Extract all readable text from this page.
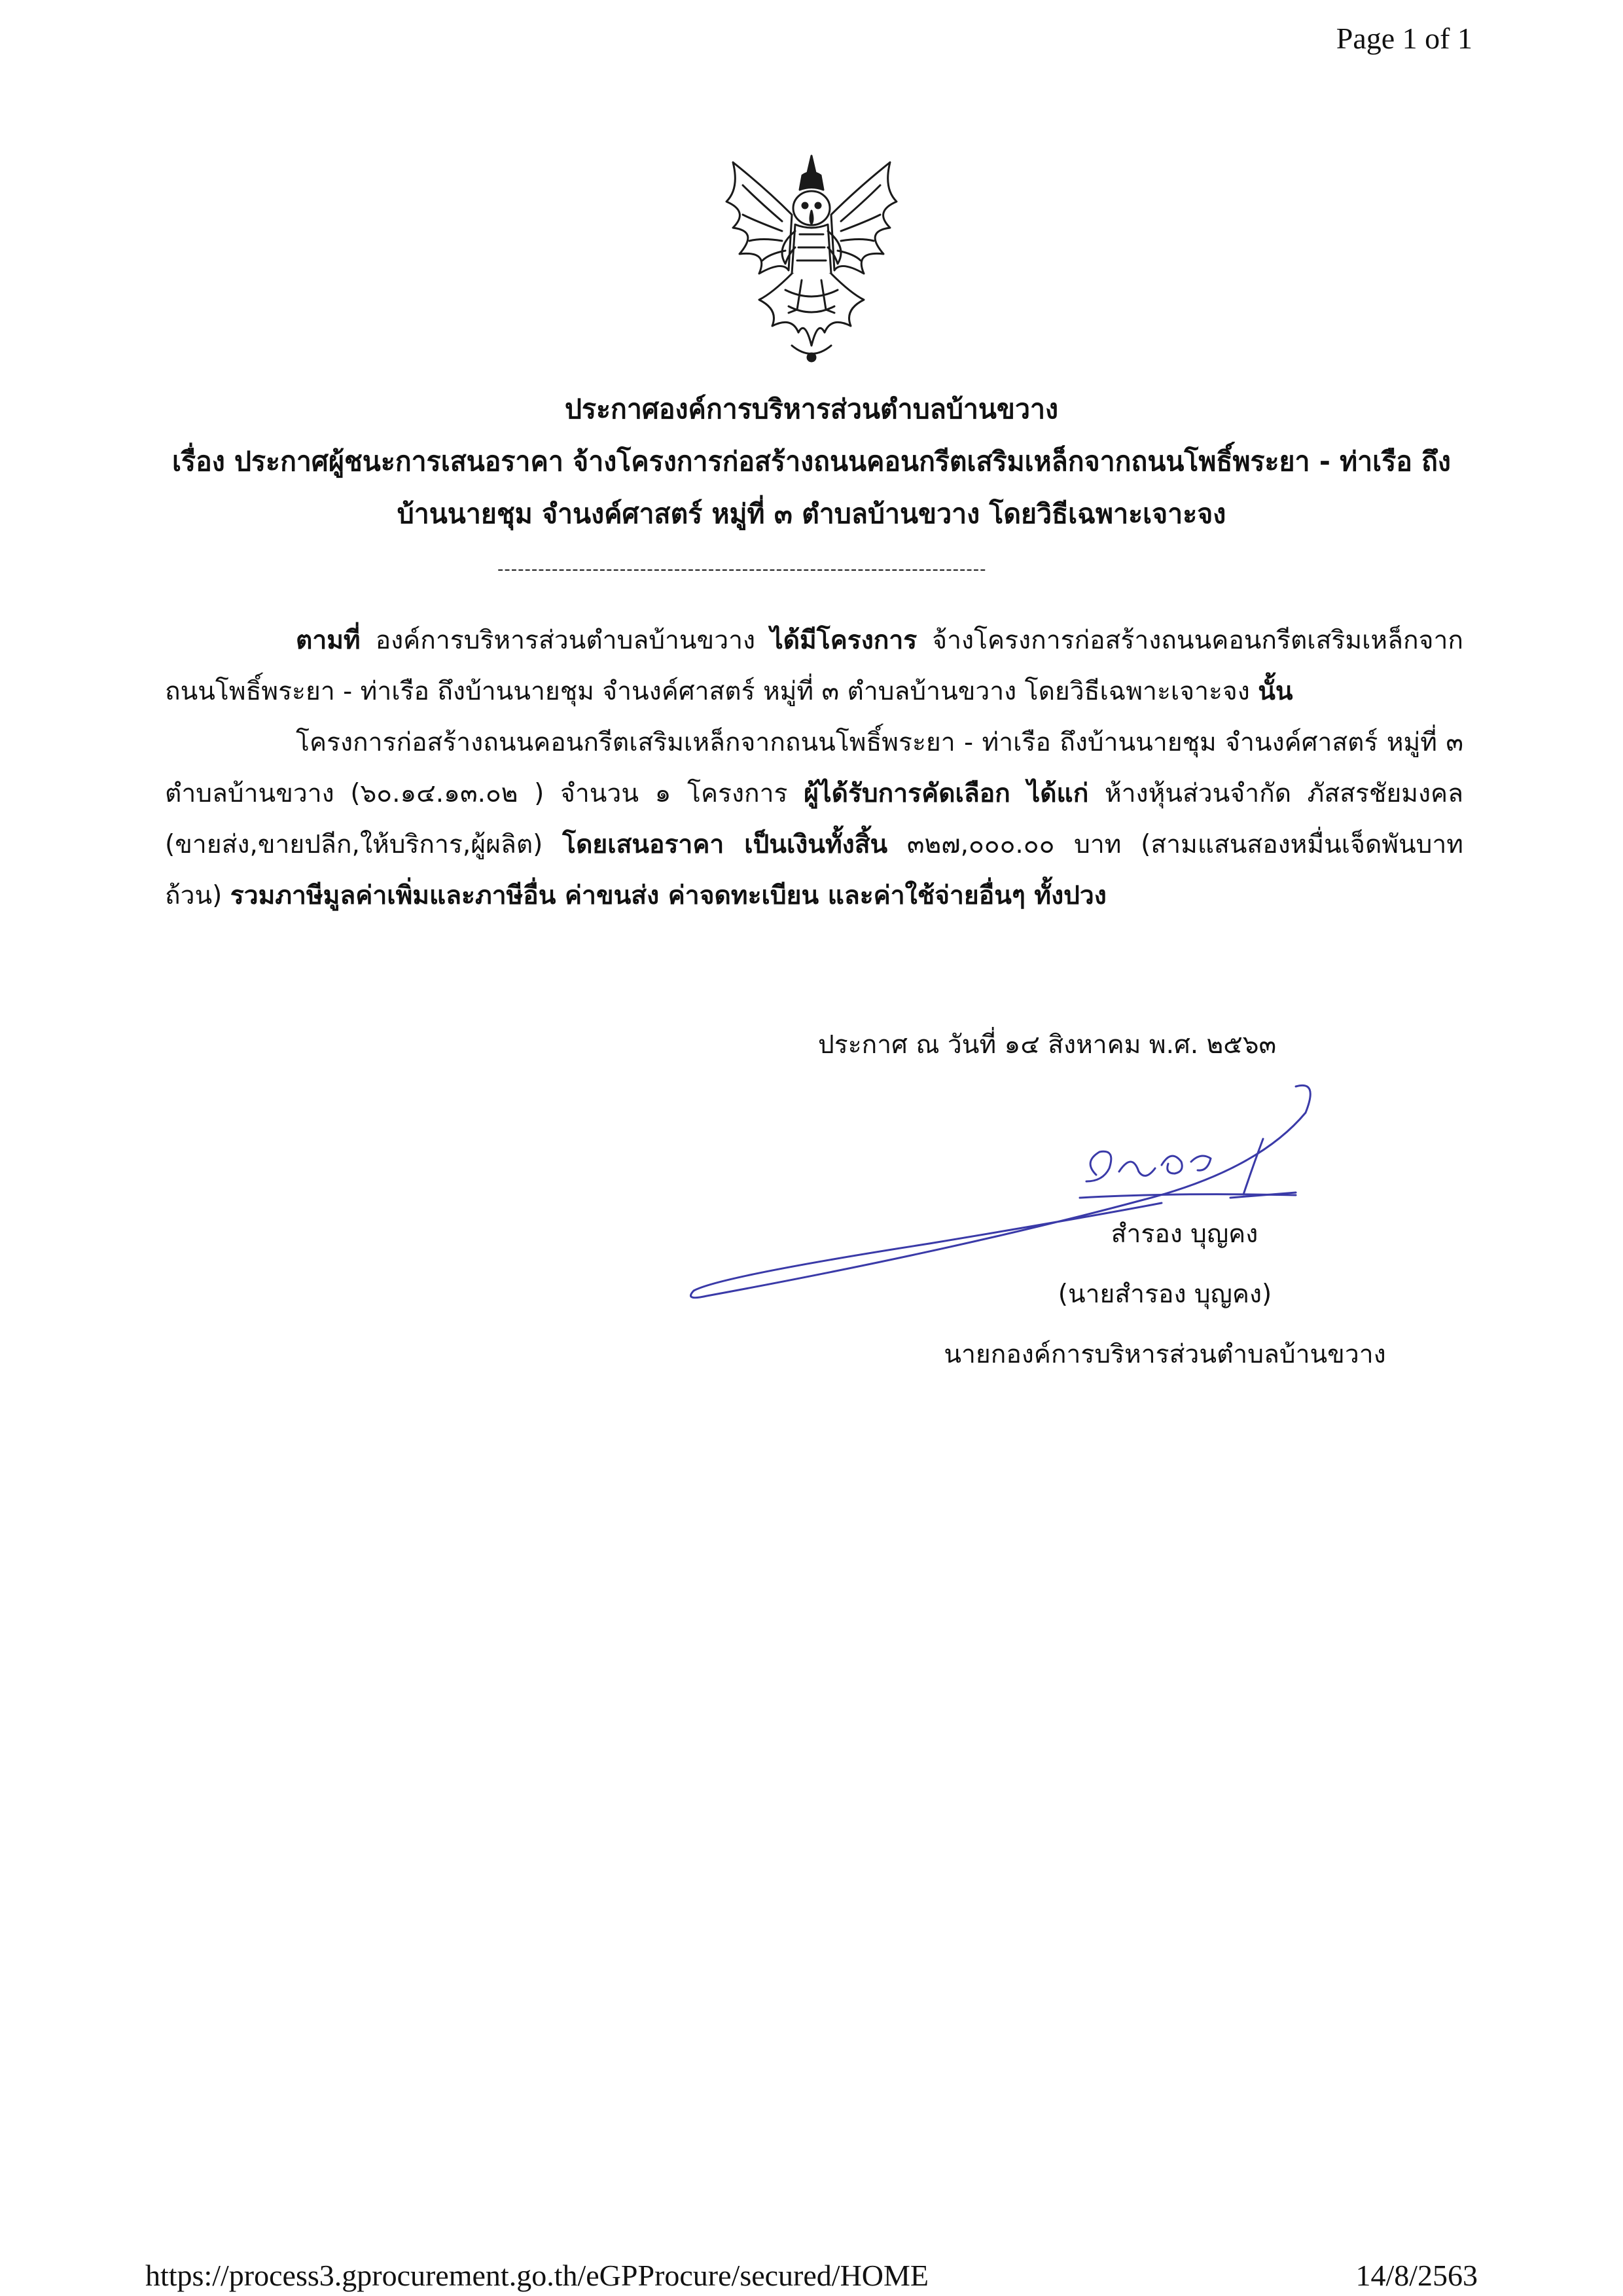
Page 1 of 1
ประกาศองค์การบริหารส่วนตำบลบ้านขวาง
เรื่อง ประกาศผู้ชนะการเสนอราคา จ้างโครงการก่อสร้างถนนคอนกรีตเสริมเหล็กจากถนนโพธิ์พระยา - ท่าเรือ ถึง
บ้านนายชุม จำนงค์ศาสตร์ หมู่ที่ ๓ ตำบลบ้านขวาง โดยวิธีเฉพาะเจาะจง
------------------------------------------------------------------------

ตามที่ องค์การบริหารส่วนตำบลบ้านขวาง ได้มีโครงการ จ้างโครงการก่อสร้างถนนคอนกรีตเสริมเหล็กจากถนนโพธิ์พระยา - ท่าเรือ ถึงบ้านนายชุม จำนงค์ศาสตร์ หมู่ที่ ๓ ตำบลบ้านขวาง โดยวิธีเฉพาะเจาะจง นั้น

โครงการก่อสร้างถนนคอนกรีตเสริมเหล็กจากถนนโพธิ์พระยา - ท่าเรือ ถึงบ้านนายชุม จำนงค์ศาสตร์ หมู่ที่ ๓ ตำบลบ้านขวาง (๖๐.๑๔.๑๓.๐๒ ) จำนวน ๑ โครงการ ผู้ได้รับการคัดเลือก ได้แก่ ห้างหุ้นส่วนจำกัด ภัสสรชัยมงคล (ขายส่ง,ขายปลีก,ให้บริการ,ผู้ผลิต) โดยเสนอราคา เป็นเงินทั้งสิ้น ๓๒๗,๐๐๐.๐๐ บาท (สามแสนสองหมื่นเจ็ดพันบาทถ้วน) รวมภาษีมูลค่าเพิ่มและภาษีอื่น ค่าขนส่ง ค่าจดทะเบียน และค่าใช้จ่ายอื่นๆ ทั้งปวง

ประกาศ ณ วันที่ ๑๔ สิงหาคม พ.ศ. ๒๕๖๓
สำรอง บุญคง
(นายสำรอง บุญคง)
นายกองค์การบริหารส่วนตำบลบ้านขวาง
https://process3.gprocurement.go.th/eGPProcure/secured/HOME	14/8/2563
